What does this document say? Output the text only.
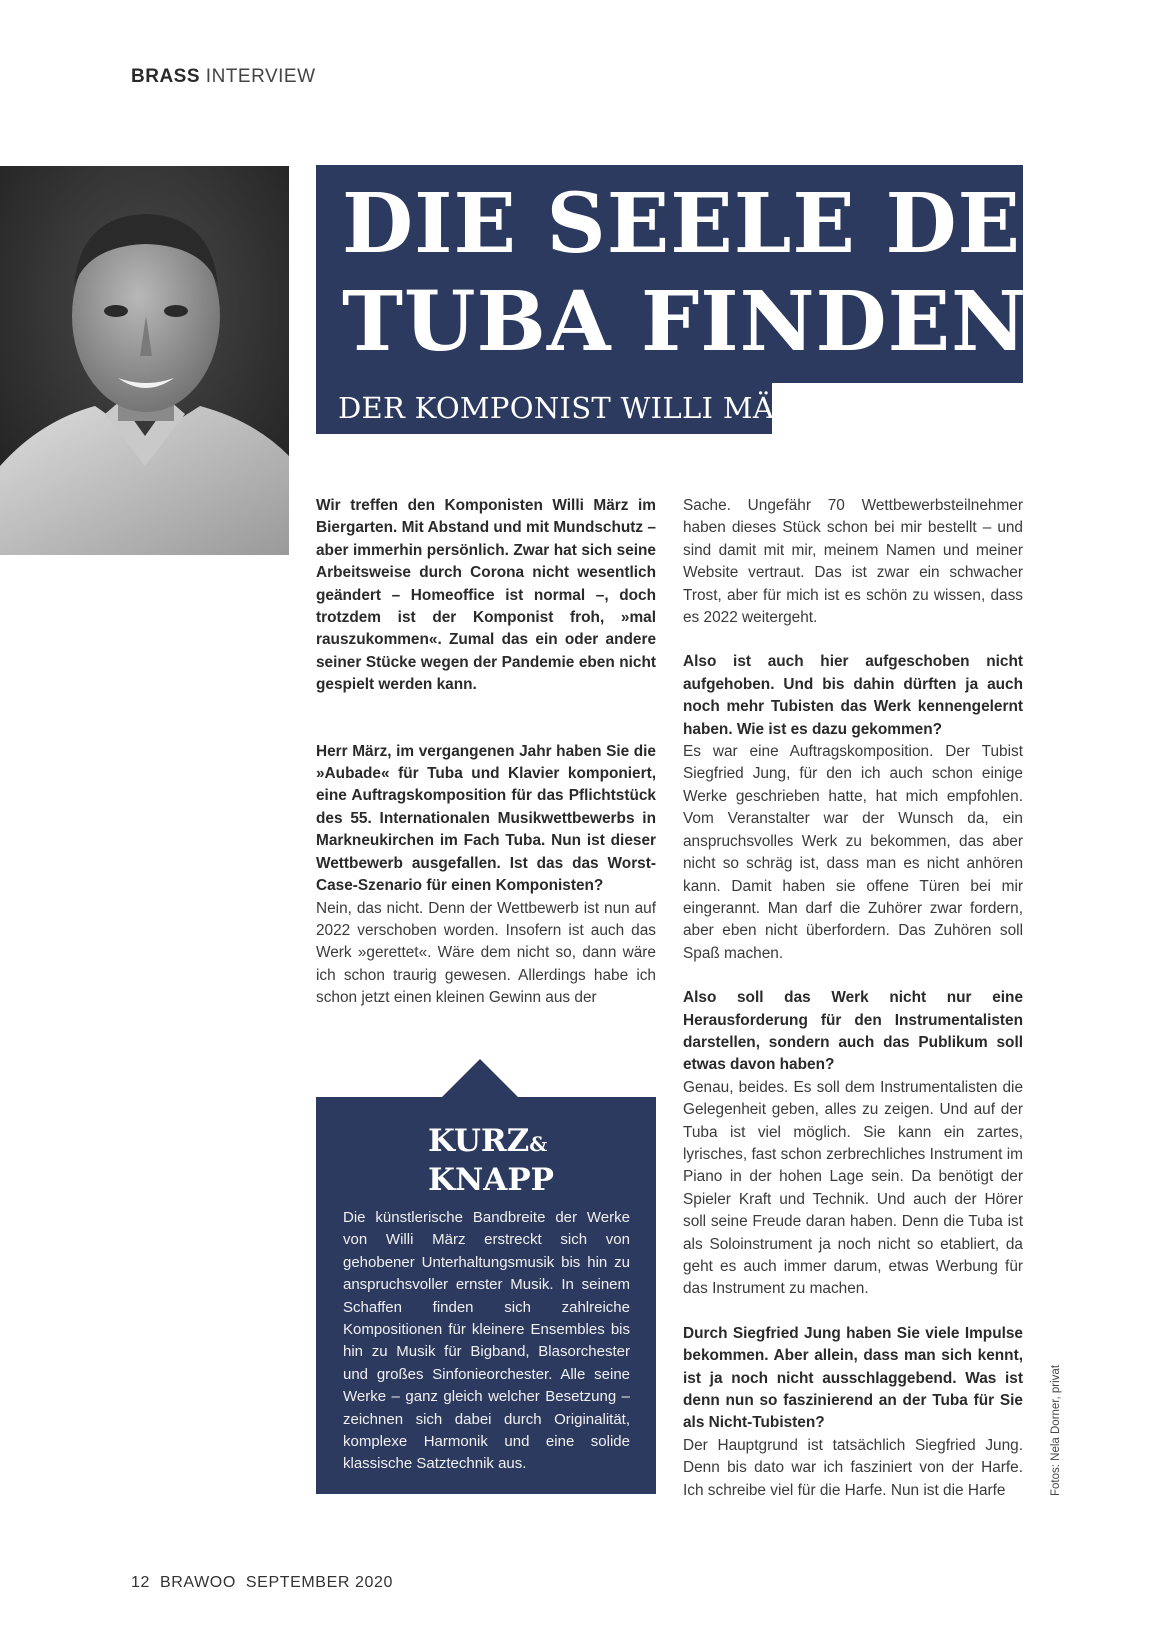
BRASS INTERVIEW
DIE SEELE DER
TUBA FINDEN
DER KOMPONIST WILLI MÄRZ

Wir treffen den Komponisten Willi März im Biergarten. Mit Abstand und mit Mundschutz – aber immerhin persönlich. Zwar hat sich seine Arbeitsweise durch Corona nicht wesentlich geändert – Homeoffice ist normal –, doch trotzdem ist der Komponist froh, »mal rauszukommen«. Zumal das ein oder andere seiner Stücke wegen der Pandemie eben nicht gespielt werden kann.

Herr März, im vergangenen Jahr haben Sie die »Aubade« für Tuba und Klavier komponiert, eine Auftragskomposition für das Pflichtstück des 55. Internationalen Musikwettbewerbs in Markneukirchen im Fach Tuba. Nun ist dieser Wettbewerb ausgefallen. Ist das das Worst-Case-Szenario für einen Komponisten?

Nein, das nicht. Denn der Wettbewerb ist nun auf 2022 verschoben worden. Insofern ist auch das Werk »gerettet«. Wäre dem nicht so, dann wäre ich schon traurig gewesen. Allerdings habe ich schon jetzt einen kleinen Gewinn aus der

Sache. Ungefähr 70 Wettbewerbsteilnehmer haben dieses Stück schon bei mir bestellt – und sind damit mit mir, meinem Namen und meiner Website vertraut. Das ist zwar ein schwacher Trost, aber für mich ist es schön zu wissen, dass es 2022 weitergeht.

Also ist auch hier aufgeschoben nicht aufgehoben. Und bis dahin dürften ja auch noch mehr Tubisten das Werk kennengelernt haben. Wie ist es dazu gekommen?

Es war eine Auftragskomposition. Der Tubist Siegfried Jung, für den ich auch schon einige Werke geschrieben hatte, hat mich empfohlen. Vom Veranstalter war der Wunsch da, ein anspruchsvolles Werk zu bekommen, das aber nicht so schräg ist, dass man es nicht anhören kann. Damit haben sie offene Türen bei mir eingerannt. Man darf die Zuhörer zwar fordern, aber eben nicht überfordern. Das Zuhören soll Spaß machen.

Also soll das Werk nicht nur eine Herausforderung für den Instrumentalisten darstellen, sondern auch das Publikum soll etwas davon haben?

Genau, beides. Es soll dem Instrumentalisten die Gelegenheit geben, alles zu zeigen. Und auf der Tuba ist viel möglich. Sie kann ein zartes, lyrisches, fast schon zerbrechliches Instrument im Piano in der hohen Lage sein. Da benötigt der Spieler Kraft und Technik. Und auch der Hörer soll seine Freude daran haben. Denn die Tuba ist als Soloinstrument ja noch nicht so etabliert, da geht es auch immer darum, etwas Werbung für das Instrument zu machen.

Durch Siegfried Jung haben Sie viele Impulse bekommen. Aber allein, dass man sich kennt, ist ja noch nicht ausschlaggebend. Was ist denn nun so faszinierend an der Tuba für Sie als Nicht-Tubisten?

Der Hauptgrund ist tatsächlich Siegfried Jung. Denn bis dato war ich fasziniert von der Harfe. Ich schreibe viel für die Harfe. Nun ist die Harfe

KURZ&
KNAPP

Die künstlerische Bandbreite der Werke von Willi März erstreckt sich von gehobener Unterhaltungsmusik bis hin zu anspruchsvoller ernster Musik. In seinem Schaffen finden sich zahlreiche Kompositionen für kleinere Ensembles bis hin zu Musik für Bigband, Blasorchester und großes Sinfonieorchester. Alle seine Werke – ganz gleich welcher Besetzung – zeichnen sich dabei durch Originalität, komplexe Harmonik und eine solide klassische Satztechnik aus.	Fotos: Nela Dorner, privat
12 BRAWOO SEPTEMBER 2020
